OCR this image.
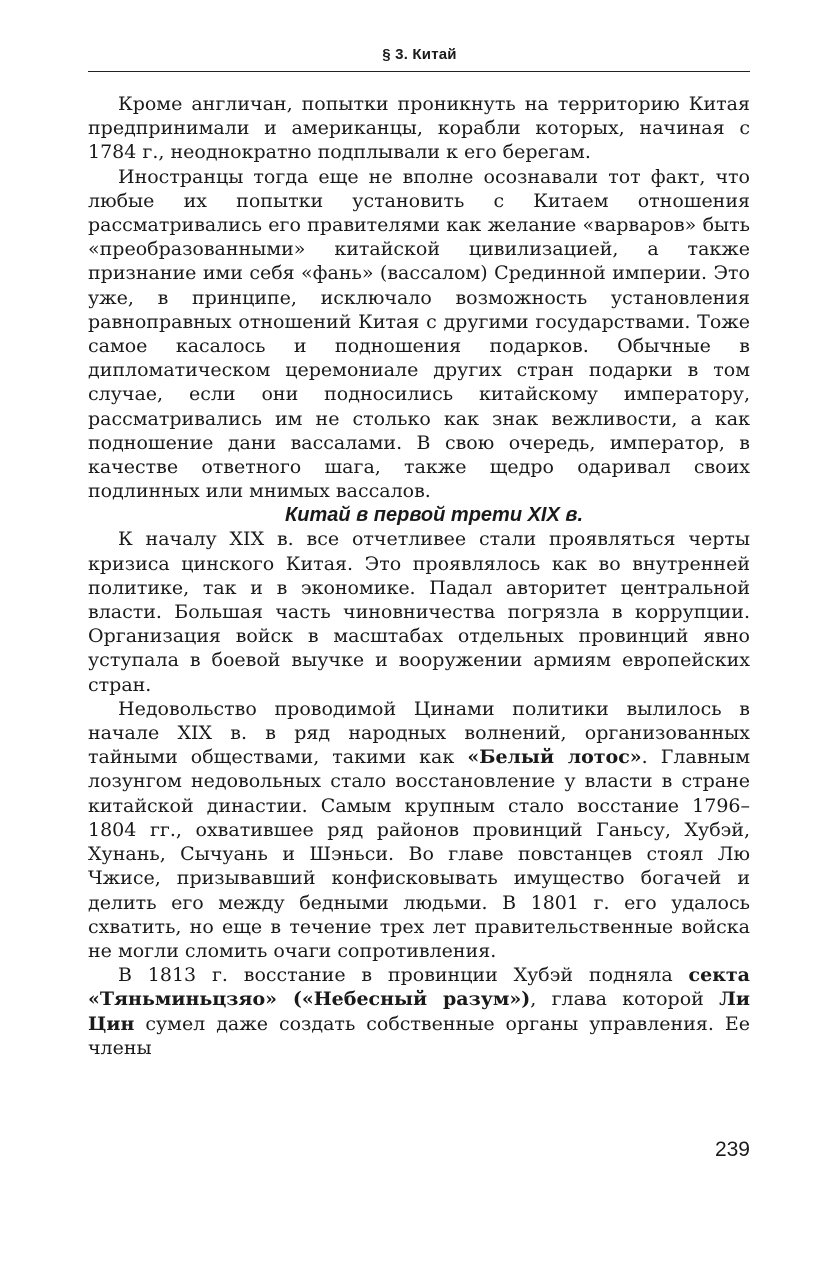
§ 3. Китай

Кроме англичан, попытки проникнуть на территорию Китая предпринимали и американцы, корабли которых, начиная с 1784 г., неоднократно подплывали к его берегам.

Иностранцы тогда еще не вполне осознавали тот факт, что любые их попытки установить с Китаем отношения рассматривались его правителями как желание «варваров» быть «преобразованными» китайской цивилизацией, а также признание ими себя «фань» (вассалом) Срединной империи. Это уже, в принципе, исключало возможность установления равноправных отношений Китая с другими государствами. Тоже самое касалось и подношения подарков. Обычные в дипломатическом церемониале других стран подарки в том случае, если они подносились китайскому императору, рассматривались им не столько как знак вежливости, а как подношение дани вассалами. В свою очередь, император, в качестве ответного шага, также щедро одаривал своих подлинных или мнимых вассалов.

Китай в первой трети XIX в.

К началу XIX в. все отчетливее стали проявляться черты кризиса цинского Китая. Это проявлялось как во внутренней политике, так и в экономике. Падал авторитет центральной власти. Большая часть чиновничества погрязла в коррупции. Организация войск в масштабах отдельных провинций явно уступала в боевой выучке и вооружении армиям европейских стран.

Недовольство проводимой Цинами политики вылилось в начале XIX в. в ряд народных волнений, организованных тайными обществами, такими как «Белый лотос». Главным лозунгом недовольных стало восстановление у власти в стране китайской династии. Самым крупным стало восстание 1796–1804 гг., охватившее ряд районов провинций Ганьсу, Хубэй, Хунань, Сычуань и Шэньси. Во главе повстанцев стоял Лю Чжисе, призывавший конфисковывать имущество богачей и делить его между бедными людьми. В 1801 г. его удалось схватить, но еще в течение трех лет правительственные войска не могли сломить очаги сопротивления.

В 1813 г. восстание в провинции Хубэй подняла секта «Тяньминьцзяо» («Небесный разум»), глава которой Ли Цин сумел даже создать собственные органы управления. Ее члены

239
